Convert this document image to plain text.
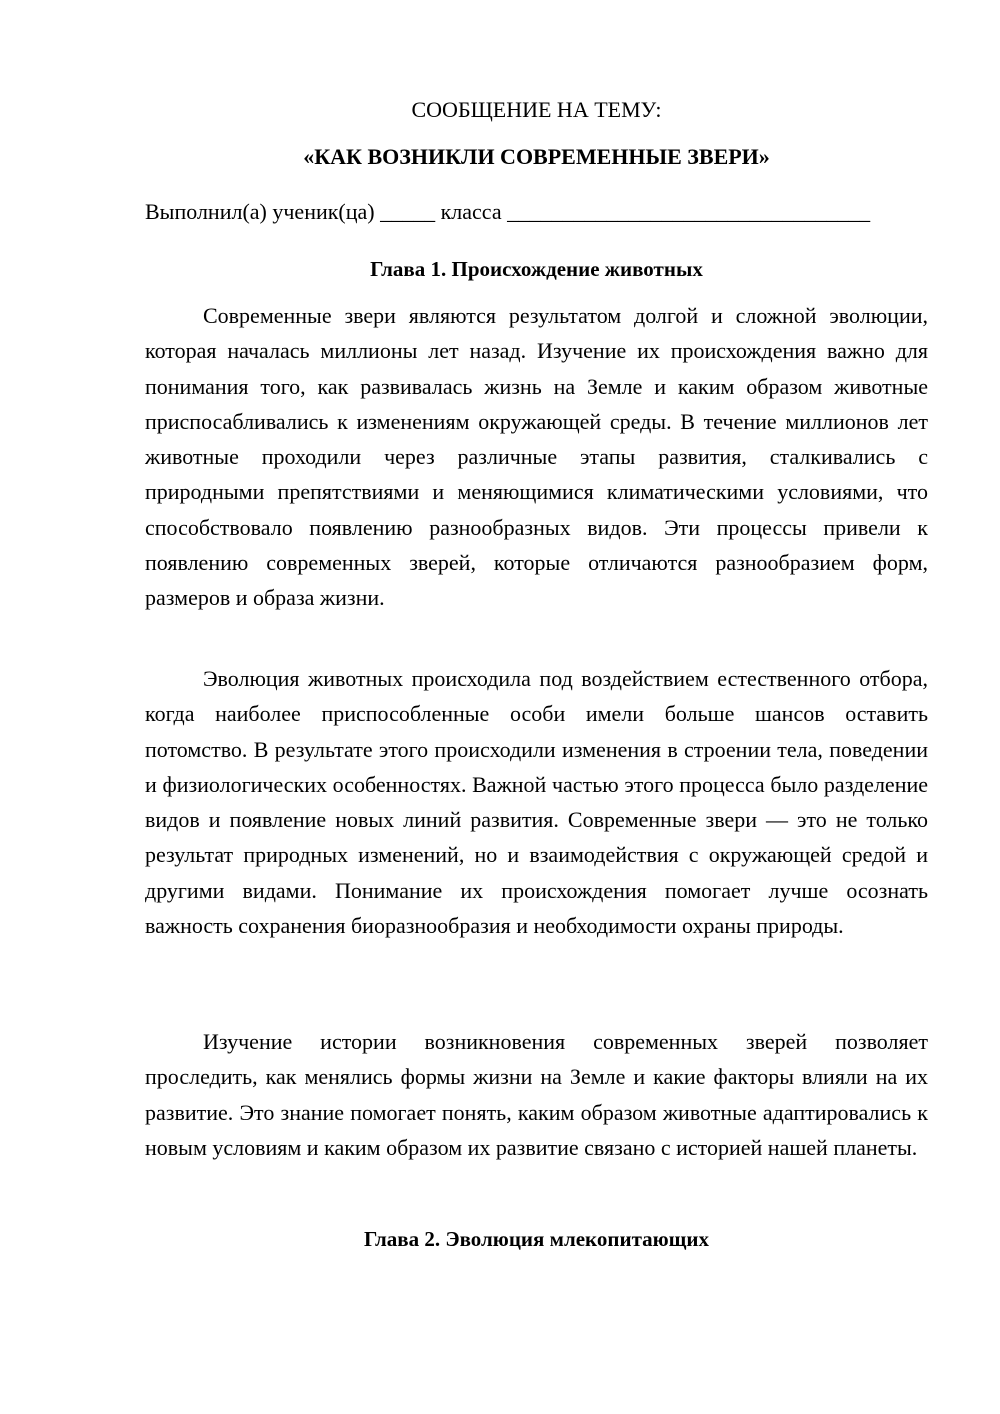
СООБЩЕНИЕ НА ТЕМУ:
«КАК ВОЗНИКЛИ СОВРЕМЕННЫЕ ЗВЕРИ»
Выполнил(а) ученик(ца) _____ класса _________________________________
Глава 1. Происхождение животных

Современные звери являются результатом долгой и сложной эволюции, которая началась миллионы лет назад. Изучение их происхождения важно для понимания того, как развивалась жизнь на Земле и каким образом животные приспосабливались к изменениям окружающей среды. В течение миллионов лет животные проходили через различные этапы развития, сталкивались с природными препятствиями и меняющимися климатическими условиями, что способствовало появлению разнообразных видов. Эти процессы привели к появлению современных зверей, которые отличаются разнообразием форм, размеров и образа жизни.

Эволюция животных происходила под воздействием естественного отбора, когда наиболее приспособленные особи имели больше шансов оставить потомство. В результате этого происходили изменения в строении тела, поведении и физиологических особенностях. Важной частью этого процесса было разделение видов и появление новых линий развития. Современные звери — это не только результат природных изменений, но и взаимодействия с окружающей средой и другими видами. Понимание их происхождения помогает лучше осознать важность сохранения биоразнообразия и необходимости охраны природы.

Изучение истории возникновения современных зверей позволяет проследить, как менялись формы жизни на Земле и какие факторы влияли на их развитие. Это знание помогает понять, каким образом животные адаптировались к новым условиям и каким образом их развитие связано с историей нашей планеты.

Глава 2. Эволюция млекопитающих
